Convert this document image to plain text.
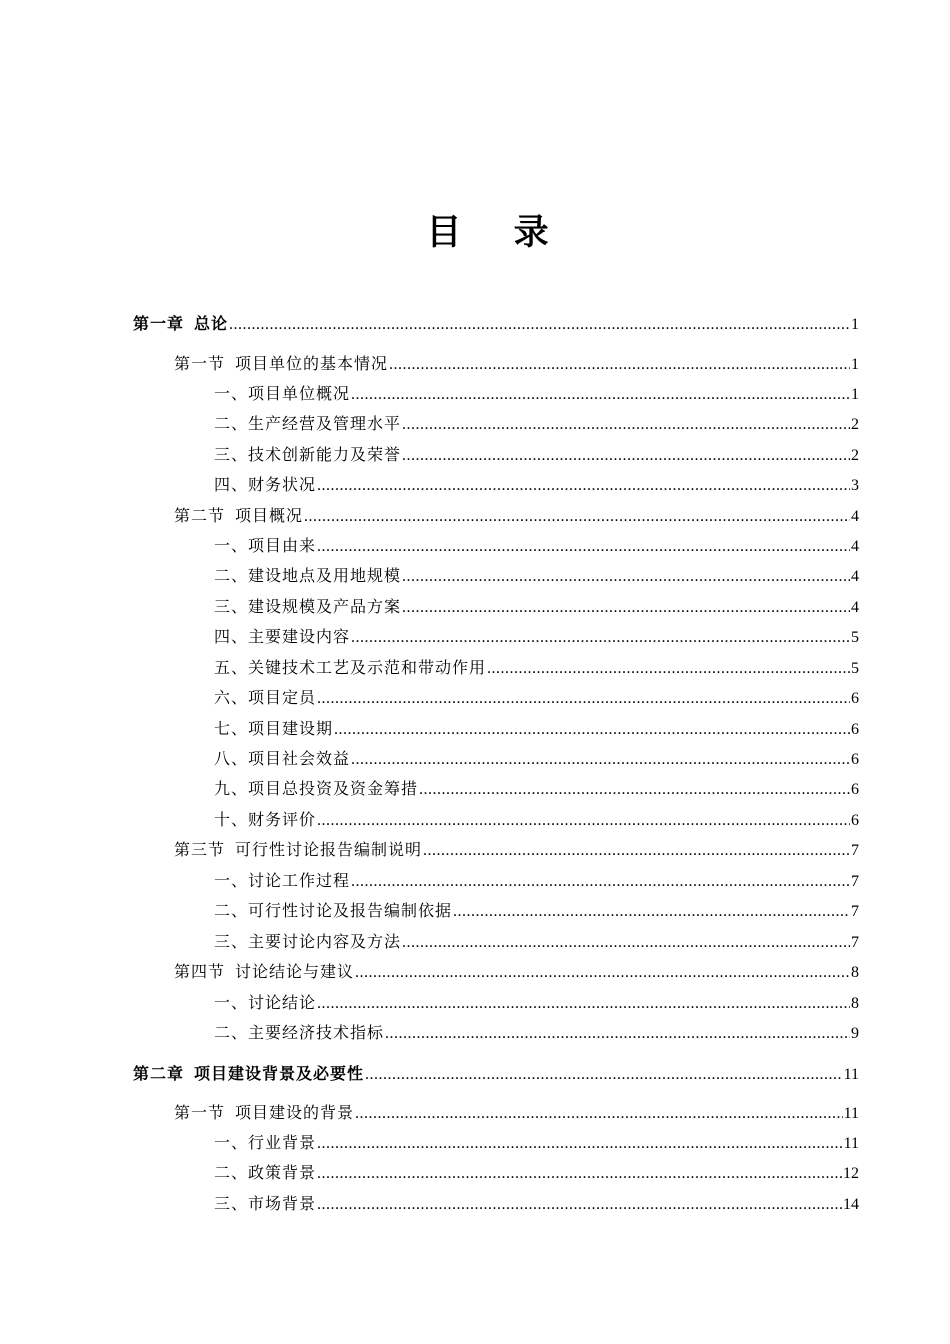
目 录
第一章 总论 .....	1
第一节 项目单位的基本情况 .....	1
一、项目单位概况 .....	1
二、生产经营及管理水平 .....	2
三、技术创新能力及荣誉 .....	2
四、财务状况 .....	3
第二节 项目概况 .....	4
一、项目由来 .....	4
二、建设地点及用地规模 .....	4
三、建设规模及产品方案 .....	4
四、主要建设内容 .....	5
五、关键技术工艺及示范和带动作用 .....	5
六、项目定员 .....	6
七、项目建设期 .....	6
八、项目社会效益 .....	6
九、项目总投资及资金筹措 .....	6
十、财务评价 .....	6
第三节 可行性讨论报告编制说明 .....	7
一、讨论工作过程 .....	7
二、可行性讨论及报告编制依据 .....	7
三、主要讨论内容及方法 .....	7
第四节 讨论结论与建议 .....	8
一、讨论结论 .....	8
二、主要经济技术指标 .....	9
第二章 项目建设背景及必要性 .....	11
第一节 项目建设的背景 .....	11
一、行业背景 .....	11
二、政策背景 .....	12
三、市场背景 .....	14
